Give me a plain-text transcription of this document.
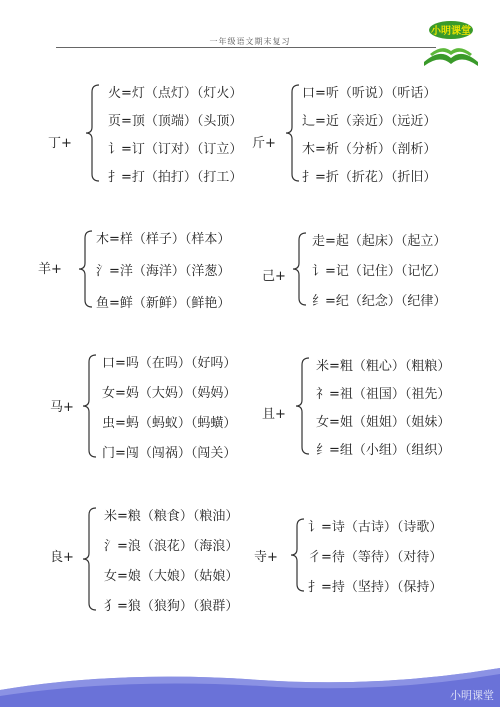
一年级语文期末复习
小明课堂
丁+
火=灯（点灯）（灯火）
页=顶（顶端）（头顶）
讠=订（订对）（订立）
扌=打（拍打）（打工）
斤+
口=听（听说）（听话）
辶=近（亲近）（远近）
木=析（分析）（剖析）
扌=折（折花）（折旧）
羊+
木=样（样子）（样本）
氵=洋（海洋）（洋葱）
鱼=鲜（新鲜）（鲜艳）
己+
走=起（起床）（起立）
讠=记（记住）（记忆）
纟=纪（纪念）（纪律）
马+
口=吗（在吗）（好吗）
女=妈（大妈）（妈妈）
虫=蚂（蚂蚁）（蚂蟥）
门=闯（闯祸）（闯关）
且+
米=粗（粗心）（粗粮）
礻=祖（祖国）（祖先）
女=姐（姐姐）（姐妹）
纟=组（小组）（组织）
良+
米=粮（粮食）（粮油）
氵=浪（浪花）（海浪）
女=娘（大娘）（姑娘）
犭=狼（狼狗）（狼群）
寺+
讠=诗（古诗）（诗歌）
彳=待（等待）（对待）
扌=持（坚持）（保持）
小明课堂
